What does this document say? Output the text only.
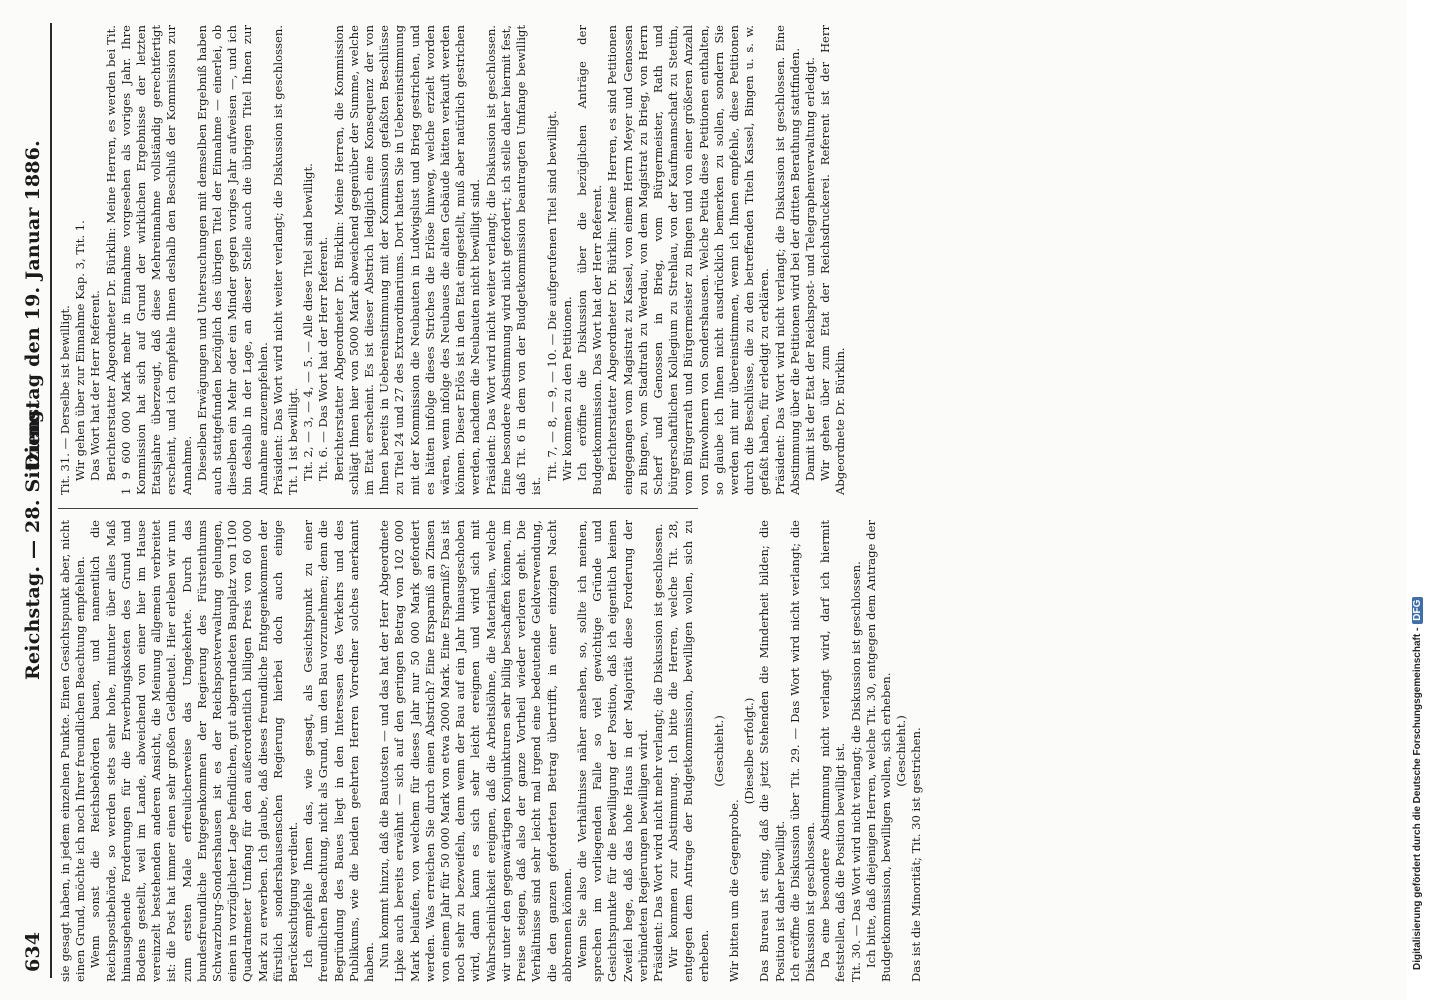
634
Reichstag. — 28. Sitzung.
Dienstag den 19. Januar 1886.

sie gesagt haben, in jedem einzelnen Punkte. Einen Gesichtspunkt aber, nicht einen Grund, möchte ich noch Ihrer freundlichen Beachtung empfehlen. Wenn sonst die Reichsbehörden bauen, und namentlich die Reichspostbehörde, so werden stets sehr hohe, mitunter über alles Maß hinausgehende Forderungen für die Erwerbungskosten des Grund und Bodens gestellt, weil im Lande, abweichend von einer hier im Hause vereinzelt bestehenden anderen Ansicht, die Meinung allgemein verbreitet ist: die Post hat immer einen sehr großen Geldbeutel. Hier erleben wir nun zum ersten Male erfreulicherweise das Umgekehrte. Durch das bundesfreundliche Entgegenkommen der Regierung des Fürstenthums Schwarzburg-Sondershausen ist es der Reichspostverwaltung gelungen, einen in vorzüglicher Lage befindlichen, gut abgerundeten Bauplatz von 1100 Quadratmeter Umfang für den außerordentlich billigen Preis von 60 000 Mark zu erwerben. Ich glaube, daß dieses freundliche Entgegenkommen der fürstlich sondershausenschen Regierung hierbei doch auch einige Berücksichtigung verdient. Ich empfehle Ihnen das, wie gesagt, als Gesichtspunkt zu einer freundlichen Beachtung, nicht als Grund, um den Bau vorzunehmen; denn die Begründung des Baues liegt in den Interessen des Verkehrs und des Publikums, wie die beiden geehrten Herren Vorredner solches anerkannt haben. Nun kommt hinzu, daß die Bautosten — und das hat der Herr Abgeordnete Lipke auch bereits erwähnt — sich auf den geringen Betrag von 102 000 Mark belaufen, von welchem für dieses Jahr nur 50 000 Mark gefordert werden. Was erreichen Sie durch einen Abstrich? Eine Ersparniß an Zinsen von einem Jahr für 50 000 Mark von etwa 2000 Mark. Eine Ersparniß? Das ist noch sehr zu bezweifeln, denn wenn der Bau auf ein Jahr hinausgeschoben wird, dann kann es sich sehr leicht ereignen und wird sich mit Wahrscheinlichkeit ereignen, daß die Arbeitslöhne, die Materialien, welche wir unter den gegenwärtigen Konjunkturen sehr billig beschaffen können, im Preise steigen, daß also der ganze Vortheil wieder verloren geht. Die Verhältnisse sind sehr leicht mal irgend eine bedeutende Geldverwendung, die den ganzen geforderten Betrag übertrifft, in einer einzigen Nacht abbrennen können. Wenn Sie also die Verhältnisse näher ansehen, so, sollte ich meinen, sprechen im vorliegenden Falle so viel gewichtige Gründe und Gesichtspunkte für die Bewilligung der Position, daß ich eigentlich keinen Zweifel hege, daß das hohe Haus in der Majorität diese Forderung der verbündeten Regierungen bewilligen wird. Präsident: Das Wort wird nicht mehr verlangt; die Diskussion ist geschlossen. Wir kommen zur Abstimmung. Ich bitte die Herren, welche Tit. 28, entgegen dem Antrage der Budgetkommission, bewilligen wollen, sich zu erheben.

(Geschieht.)

Wir bitten um die Gegenprobe.

(Dieselbe erfolgt.) Das Bureau ist einig, daß die jetzt Stehenden die Minderheit bilden; die Position ist daher bewilligt. Ich eröffne die Diskussion über Tit. 29. — Das Wort wird nicht verlangt; die Diskussion ist geschlossen. Da eine besondere Abstimmung nicht verlangt wird, darf ich hiermit feststellen, daß die Position bewilligt ist. Tit. 30. — Das Wort wird nicht verlangt; die Diskussion ist geschlossen. Ich bitte, daß diejenigen Herren, welche Tit. 30, entgegen dem Antrage der Budgetkommission, bewilligen wollen, sich erheben. (Geschieht.) Das ist die Minorität; Tit. 30 ist gestrichen.

Tit. 31. — Derselbe ist bewilligt. Wir gehen über zur Einnahme Kap. 3, Tit. 1. Das Wort hat der Herr Referent. Berichterstatter Abgeordneter Dr. Bürklin: Meine Herren, es werden bei Tit. 1 9 600 000 Mark mehr in Einnahme vorgesehen als voriges Jahr. Ihre Kommission hat sich auf Grund der wirklichen Ergebnisse der letzten Etatsjahre überzeugt, daß diese Mehreinnahme vollständig gerechtfertigt erscheint, und ich empfehle Ihnen deshalb den Beschluß der Kommission zur Annahme. Dieselben Erwägungen und Untersuchungen mit demselben Ergebniß haben auch stattgefunden bezüglich des übrigen Titel der Einnahme — einerlei, ob dieselben ein Mehr oder ein Minder gegen voriges Jahr aufweisen —, und ich bin deshalb in der Lage, an dieser Stelle auch die übrigen Titel Ihnen zur Annahme anzuempfehlen. Präsident: Das Wort wird nicht weiter verlangt; die Diskussion ist geschlossen. Tit. 1 ist bewilligt. Tit. 2, — 3, — 4, — 5. — Alle diese Titel sind bewilligt. Tit. 6. — Das Wort hat der Herr Referent. Berichterstatter Abgeordneter Dr. Bürklin: Meine Herren, die Kommission schlägt Ihnen hier von 5000 Mark abweichend gegenüber der Summe, welche im Etat erscheint. Es ist dieser Abstrich lediglich eine Konsequenz der von Ihnen bereits in Uebereinstimmung mit der Kommission gefaßten Beschlüsse zu Titel 24 und 27 des Extraordinariums. Dort hatten Sie in Uebereinstimmung mit der Kommission die Neubauten in Ludwigslust und Brieg gestrichen, und es hätten infolge dieses Striches die Erlöse hinweg, welche erzielt worden wären, wenn infolge des Neubaues die alten Gebäude hätten verkauft werden können. Dieser Erlös ist in den Etat eingestellt, muß aber natürlich gestrichen werden, nachdem die Neubauten nicht bewilligt sind. Präsident: Das Wort wird nicht weiter verlangt; die Diskussion ist geschlossen. Eine besondere Abstimmung wird nicht gefordert; ich stelle daher hiermit fest, daß Tit. 6 in dem von der Budgetkommission beantragten Umfange bewilligt ist.

Tit. 7, — 8, — 9, — 10. — Die aufgerufenen Titel sind bewilligt. Wir kommen zu den Petitionen. Ich eröffne die Diskussion über die bezüglichen Anträge der Budgetkommission. Das Wort hat der Herr Referent. Berichterstatter Abgeordneter Dr. Bürklin: Meine Herren, es sind Petitionen eingegangen vom Magistrat zu Kassel, von einem Herrn Meyer und Genossen zu Bingen, vom Stadtrath zu Werdau, von dem Magistrat zu Brieg, von Herrn Scherf und Genossen in Brieg, vom Bürgermeister, Rath und bürgerschaftlichen Kollegium zu Strehlau, von der Kaufmannschaft zu Stettin, vom Bürgerrath und Bürgermeister zu Bingen und von einer größeren Anzahl von Einwohnern von Sondershausen. Welche Petita diese Petitionen enthalten, so glaube ich Ihnen nicht ausdrücklich bemerken zu sollen, sondern Sie werden mit mir übereinstimmen, wenn ich Ihnen empfehle, diese Petitionen durch die Beschlüsse, die zu den betreffenden Titeln Kassel, Bingen u. s. w. gefaßt haben, für erledigt zu erklären. Präsident: Das Wort wird nicht verlangt; die Diskussion ist geschlossen. Eine Abstimmung über die Petitionen wird bei der dritten Berathung stattfinden. Damit ist der Etat der Reichspost- und Telegraphenverwaltung erledigt. Wir gehen über zum Etat der Reichsdruckerei. Referent ist der Herr Abgeordnete Dr. Bürklin.

Digitalisierung gefördert durch die Deutsche Forschungsgemeinschaft -DFG
